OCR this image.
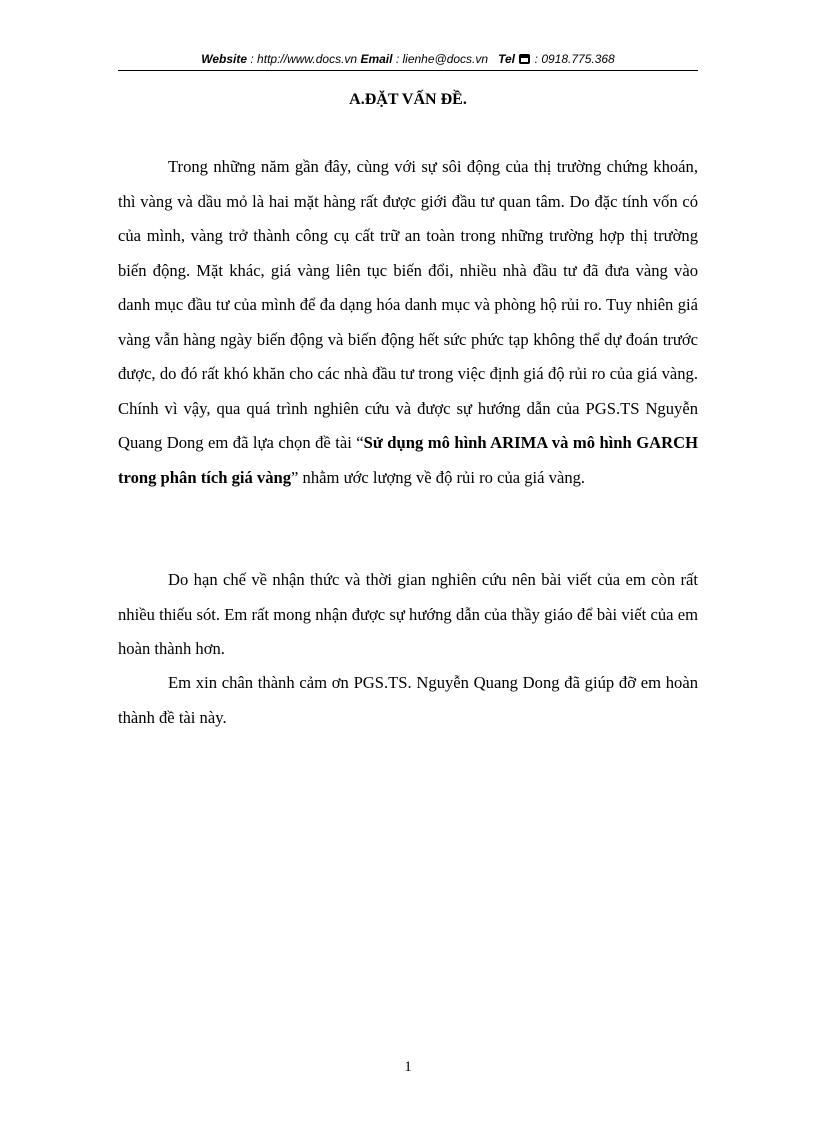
Website : http://www.docs.vn Email : lienhe@docs.vn Tel : 0918.775.368
A.ĐẶT VẤN ĐỀ.

Trong những năm gần đây, cùng với sự sôi động của thị trường chứng khoán, thì vàng và dầu mỏ là hai mặt hàng rất được giới đầu tư quan tâm. Do đặc tính vốn có của mình, vàng trở thành công cụ cất trữ an toàn trong những trường hợp thị trường biến động. Mặt khác, giá vàng liên tục biến đổi, nhiều nhà đầu tư đã đưa vàng vào danh mục đầu tư của mình để đa dạng hóa danh mục và phòng hộ rủi ro. Tuy nhiên giá vàng vẫn hàng ngày biến động và biến động hết sức phức tạp không thể dự đoán trước được, do đó rất khó khăn cho các nhà đầu tư trong việc định giá độ rủi ro của giá vàng. Chính vì vậy, qua quá trình nghiên cứu và được sự hướng dẫn của PGS.TS Nguyễn Quang Dong em đã lựa chọn đề tài “Sử dụng mô hình ARIMA và mô hình GARCH trong phân tích giá vàng” nhằm ước lượng về độ rủi ro của giá vàng.

Do hạn chế về nhận thức và thời gian nghiên cứu nên bài viết của em còn rất nhiều thiếu sót. Em rất mong nhận được sự hướng dẫn của thầy giáo để bài viết của em hoàn thành hơn.

Em xin chân thành cảm ơn PGS.TS. Nguyễn Quang Dong đã giúp đỡ em hoàn thành đề tài này.

1
